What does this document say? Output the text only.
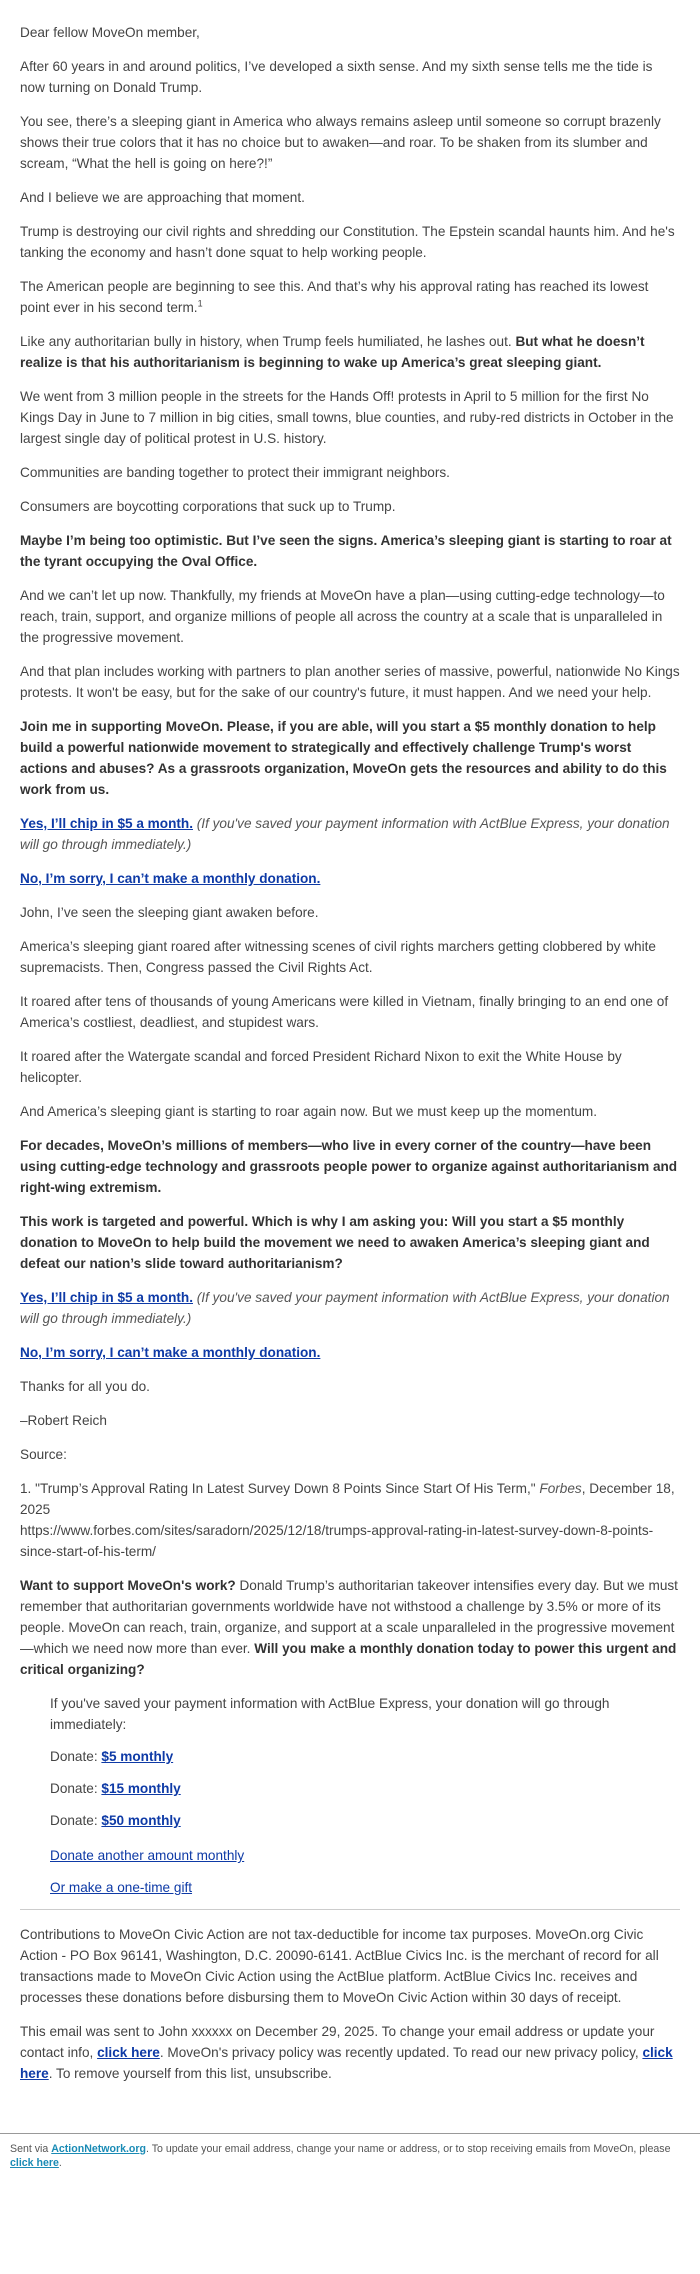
Dear fellow MoveOn member,

After 60 years in and around politics, I’ve developed a sixth sense. And my sixth sense tells me the tide is now turning on Donald Trump.

You see, there’s a sleeping giant in America who always remains asleep until someone so corrupt brazenly shows their true colors that it has no choice but to awaken—and roar. To be shaken from its slumber and scream, “What the hell is going on here?!”

And I believe we are approaching that moment.

Trump is destroying our civil rights and shredding our Constitution. The Epstein scandal haunts him. And he's tanking the economy and hasn’t done squat to help working people.

The American people are beginning to see this. And that’s why his approval rating has reached its lowest point ever in his second term.$^1$

Like any authoritarian bully in history, when Trump feels humiliated, he lashes out. But what he doesn’t realize is that his authoritarianism is beginning to wake up America’s great sleeping giant.

We went from 3 million people in the streets for the Hands Off! protests in April to 5 million for the first No Kings Day in June to 7 million in big cities, small towns, blue counties, and ruby-red districts in October in the largest single day of political protest in U.S. history.

Communities are banding together to protect their immigrant neighbors.

Consumers are boycotting corporations that suck up to Trump.

Maybe I’m being too optimistic. But I’ve seen the signs. America’s sleeping giant is starting to roar at the tyrant occupying the Oval Office.

And we can’t let up now. Thankfully, my friends at MoveOn have a plan—using cutting-edge technology—to reach, train, support, and organize millions of people all across the country at a scale that is unparalleled in the progressive movement.

And that plan includes working with partners to plan another series of massive, powerful, nationwide No Kings protests. It won't be easy, but for the sake of our country's future, it must happen. And we need your help.

Join me in supporting MoveOn. Please, if you are able, will you start a $5 monthly donation to help build a powerful nationwide movement to strategically and effectively challenge Trump's worst actions and abuses? As a grassroots organization, MoveOn gets the resources and ability to do this work from us.

Yes, I’ll chip in $5 a month. (If you've saved your payment information with ActBlue Express, your donation will go through immediately.)

No, I’m sorry, I can’t make a monthly donation.

John, I’ve seen the sleeping giant awaken before.

America’s sleeping giant roared after witnessing scenes of civil rights marchers getting clobbered by white supremacists. Then, Congress passed the Civil Rights Act.

It roared after tens of thousands of young Americans were killed in Vietnam, finally bringing to an end one of America’s costliest, deadliest, and stupidest wars.

It roared after the Watergate scandal and forced President Richard Nixon to exit the White House by helicopter.

And America’s sleeping giant is starting to roar again now. But we must keep up the momentum.

For decades, MoveOn’s millions of members—who live in every corner of the country—have been using cutting-edge technology and grassroots people power to organize against authoritarianism and right-wing extremism.

This work is targeted and powerful. Which is why I am asking you: Will you start a $5 monthly donation to MoveOn to help build the movement we need to awaken America’s sleeping giant and defeat our nation’s slide toward authoritarianism?

Yes, I’ll chip in $5 a month. (If you've saved your payment information with ActBlue Express, your donation will go through immediately.)

No, I’m sorry, I can’t make a monthly donation.

Thanks for all you do.

–Robert Reich

Source:

1. "Trump’s Approval Rating In Latest Survey Down 8 Points Since Start Of His Term," Forbes, December 18, 2025
https://www.forbes.com/sites/saradorn/2025/12/18/trumps-approval-rating-in-latest-survey-down-8-points-since-start-of-his-term/

Want to support MoveOn's work? Donald Trump’s authoritarian takeover intensifies every day. But we must remember that authoritarian governments worldwide have not withstood a challenge by 3.5% or more of its people. MoveOn can reach, train, organize, and support at a scale unparalleled in the progressive movement—which we need now more than ever. Will you make a monthly donation today to power this urgent and critical organizing?

If you've saved your payment information with ActBlue Express, your donation will go through immediately:

Donate: $5 monthly

Donate: $15 monthly

Donate: $50 monthly

Donate another amount monthly

Or make a one-time gift

Contributions to MoveOn Civic Action are not tax-deductible for income tax purposes. MoveOn.org Civic Action - PO Box 96141, Washington, D.C. 20090-6141. ActBlue Civics Inc. is the merchant of record for all transactions made to MoveOn Civic Action using the ActBlue platform. ActBlue Civics Inc. receives and processes these donations before disbursing them to MoveOn Civic Action within 30 days of receipt.

This email was sent to John xxxxxx on December 29, 2025. To change your email address or update your contact info, click here. MoveOn's privacy policy was recently updated. To read our new privacy policy, click here. To remove yourself from this list, unsubscribe.

Sent via ActionNetwork.org. To update your email address, change your name or address, or to stop receiving emails from MoveOn, please click here.
